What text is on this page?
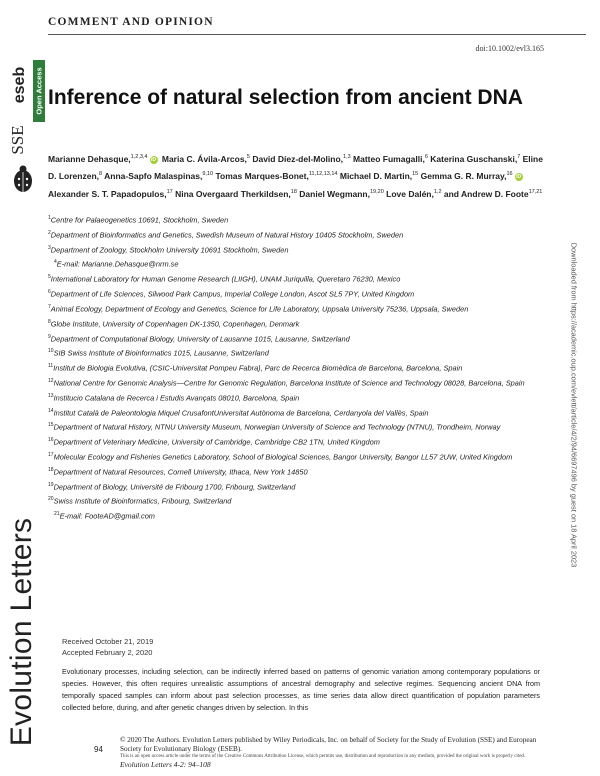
COMMENT AND OPINION
doi:10.1002/evl3.165
Open Access
eseb
SSE
Inference of natural selection from ancient DNA
Marianne Dehasque,$^{1,2,3,4}$ iD Maria C. Ávila-Arcos,$^5$ David Díez-del-Molino,$^{1,3}$ Matteo Fumagalli,$^6$ Katerina Guschanski,$^7$ Eline D. Lorenzen,$^8$ Anna-Sapfo Malaspinas,$^{9,10}$ Tomas Marques-Bonet,$^{11,12,13,14}$ Michael D. Martin,$^{15}$ Gemma G. R. Murray,$^{16}$ iD Alexander S. T. Papadopulos,$^{17}$ Nina Overgaard Therkildsen,$^{18}$ Daniel Wegmann,$^{19,20}$ Love Dalén,$^{1,2}$ and Andrew D. Foote$^{17,21}$
$^1$Centre for Palaeogenetics 10691, Stockholm, Sweden
$^2$Department of Bioinformatics and Genetics, Swedish Museum of Natural History 10405 Stockholm, Sweden
$^3$Department of Zoology, Stockholm University 10691 Stockholm, Sweden
$^4$E-mail: Marianne.Dehasque@nrm.se
$^5$International Laboratory for Human Genome Research (LIIGH), UNAM Juriquilla, Queretaro 76230, Mexico
$^6$Department of Life Sciences, Silwood Park Campus, Imperial College London, Ascot SL5 7PY, United Kingdom
$^7$Animal Ecology, Department of Ecology and Genetics, Science for Life Laboratory, Uppsala University 75236, Uppsala, Sweden
$^8$Globe Institute, University of Copenhagen DK-1350, Copenhagen, Denmark
$^9$Department of Computational Biology, University of Lausanne 1015, Lausanne, Switzerland
$^{10}$SIB Swiss Institute of Bioinformatics 1015, Lausanne, Switzerland
$^{11}$Institut de Biologia Evolutiva, (CSIC-Universitat Pompeu Fabra), Parc de Recerca Biomèdica de Barcelona, Barcelona, Spain
$^{12}$National Centre for Genomic Analysis—Centre for Genomic Regulation, Barcelona Institute of Science and Technology 08028, Barcelona, Spain
$^{13}$Institucio Catalana de Recerca i Estudis Avançats 08010, Barcelona, Spain
$^{14}$Institut Català de Paleontologia Miquel CrusafontUniversitat Autònoma de Barcelona, Cerdanyola del Vallès, Spain
$^{15}$Department of Natural History, NTNU University Museum, Norwegian University of Science and Technology (NTNU), Trondheim, Norway
$^{16}$Department of Veterinary Medicine, University of Cambridge, Cambridge CB2 1TN, United Kingdom
$^{17}$Molecular Ecology and Fisheries Genetics Laboratory, School of Biological Sciences, Bangor University, Bangor LL57 2UW, United Kingdom
$^{18}$Department of Natural Resources, Cornell University, Ithaca, New York 14850
$^{19}$Department of Biology, Université de Fribourg 1700, Fribourg, Switzerland
$^{20}$Swiss Institute of Bioinformatics, Fribourg, Switzerland
$^{21}$E-mail: FooteAD@gmail.com
Received October 21, 2019
Accepted February 2, 2020

Evolutionary processes, including selection, can be indirectly inferred based on patterns of genomic variation among contemporary populations or species. However, this often requires unrealistic assumptions of ancestral demography and selective regimes. Sequencing ancient DNA from temporally spaced samples can inform about past selection processes, as time series data allow direct quantification of population parameters collected before, during, and after genetic changes driven by selection. In this

Evolution Letters
Downloaded from https://academic.oup.com/evlett/article/4/2/94/6697496 by guest on 18 April 2023
94
© 2020 The Authors. Evolution Letters published by Wiley Periodicals, Inc. on behalf of Society for the Study of Evolution (SSE) and European Society for Evolutionary Biology (ESEB).
This is an open access article under the terms of the Creative Commons Attribution License, which permits use, distribution and reproduction in any medium, provided the original work is properly cited.
Evolution Letters 4-2: 94–108
